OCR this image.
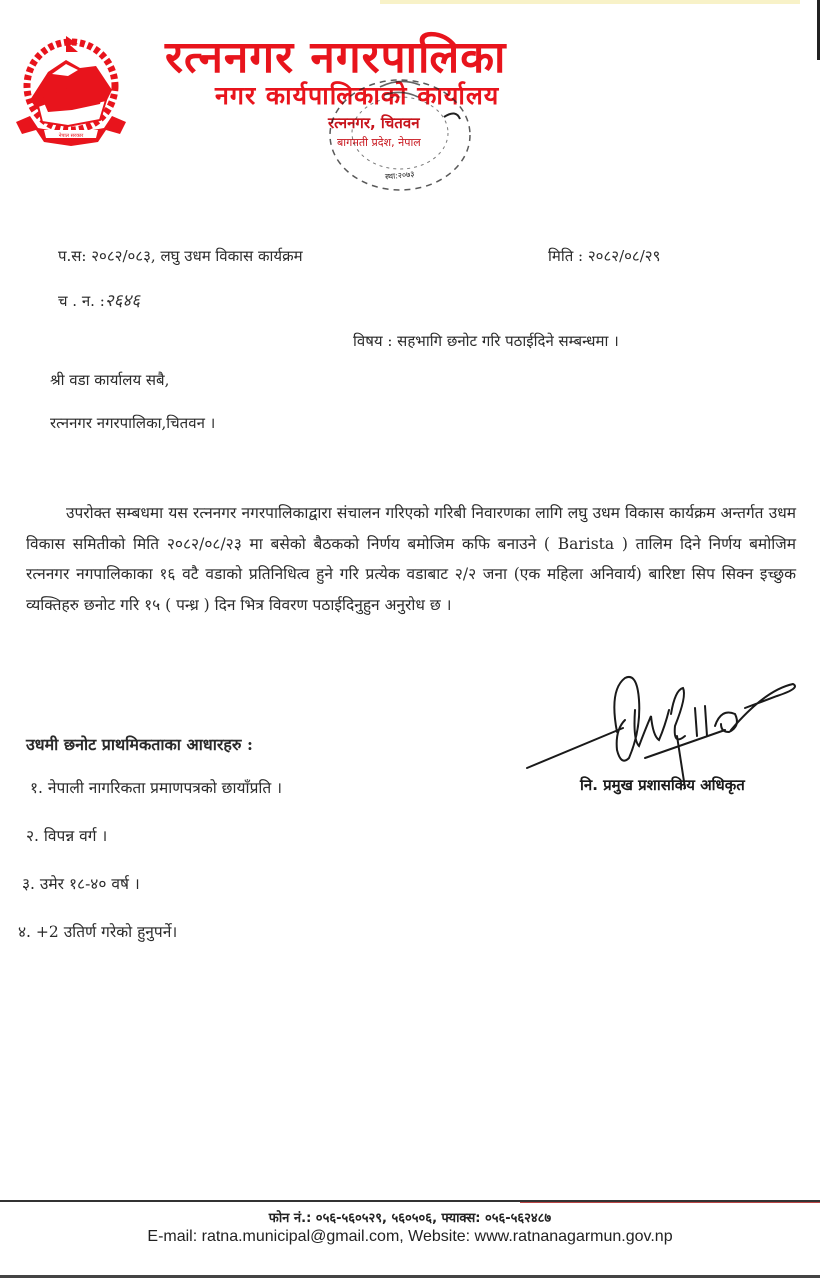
नेपाल सरकार
रत्ननगर नगरपालिका
नगर कार्यपालिकाको कार्यालय
रत्ननगर, चितवन
बागमती प्रदेश, नेपाल
स्था:२०७३
प.स: २०८२/०८३, लघु उधम विकास कार्यक्रम	मिति : २०८२/०८/२९
च . न. :२६४६
विषय : सहभागि छनोट गरि पठाईदिने सम्बन्धमा ।
श्री वडा कार्यालय सबै,
रत्ननगर नगरपालिका,चितवन ।
उपरोक्त सम्बधमा यस रत्ननगर नगरपालिकाद्वारा संचालन गरिएको गरिबी निवारणका लागि लघु उधम विकास कार्यक्रम अन्तर्गत उधम विकास समितीको मिति २०८२/०८/२३ मा बसेको बैठकको निर्णय बमोजिम कफि बनाउने ( Barista ) तालिम दिने निर्णय बमोजिम रत्ननगर नगपालिकाका १६ वटै वडाको प्रतिनिधित्व हुने गरि प्रत्येक वडाबाट २/२ जना (एक महिला अनिवार्य) बारिष्टा सिप सिक्न इच्छुक व्यक्तिहरु छनोट गरि १५ ( पन्ध्र ) दिन भित्र विवरण पठाईदिनुहुन अनुरोध छ ।
उधमी छनोट प्राथमिकताका आधारहरु :
१. नेपाली नागरिकता प्रमाणपत्रको छायाँप्रति ।
२. विपन्न वर्ग ।
३. उमेर १८-४० वर्ष ।
४. +2 उतिर्ण गरेको हुनुपर्ने।
नि. प्रमुख प्रशासकिय अधिकृत
फोन नं.: ०५६-५६०५२९, ५६०५०६, फ्याक्स: ०५६-५६२४८७
E-mail: ratna.municipal@gmail.com, Website: www.ratnanagarmun.gov.np
